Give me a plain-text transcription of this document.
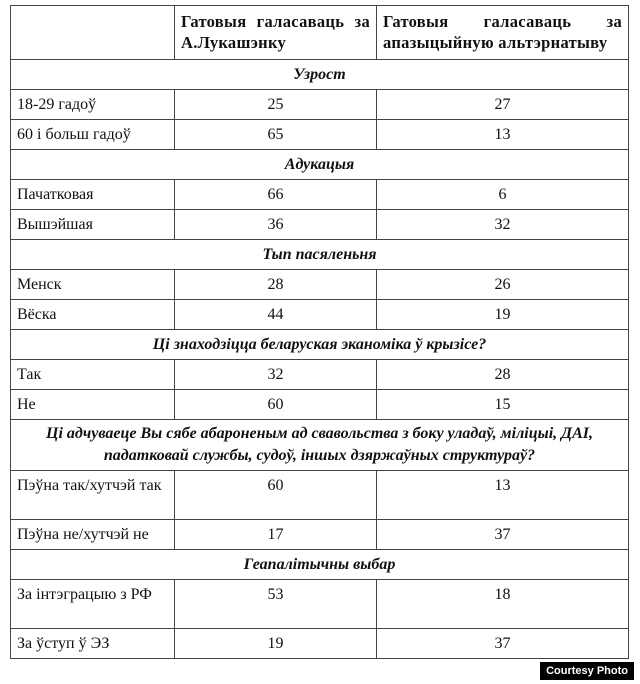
	Гатовыя галасаваць за А.Лукашэнку	Гатовыя галасаваць за апазыцыйную альтэрнатыву
Узрост		
18-29 гадоў	25	27
60 і больш гадоў	65	13
Адукацыя		
Пачатковая	66	6
Вышэйшая	36	32
Тып пасяленьня		
Менск	28	26
Вёска	44	19
Ці знаходзіцца беларуская эканоміка ў крызісе?		
Так	32	28
Не	60	15
Ці адчуваеце Вы сябе абароненым ад свавольства з боку уладаў, міліцыі, ДАІ, падатковай службы, судоў, іншых дзяржаўных структураў?		
Пэўна так/хутчэй так	60	13
Пэўна не/хутчэй не	17	37
Геапалітычны выбар		
За інтэграцыю з РФ	53	18
За ўступ ў ЭЗ	19	37
Courtesy Photo
